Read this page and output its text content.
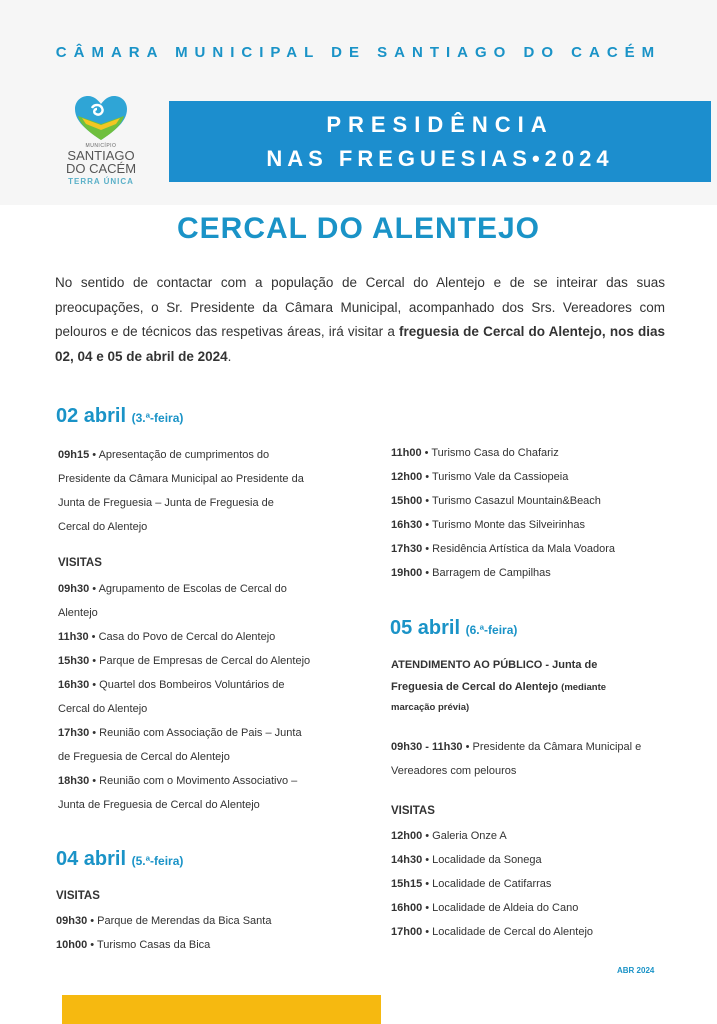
CÂMARA MUNICIPAL DE SANTIAGO DO CACÉM
MUNICÍPIO
SANTIAGO
DO CACÉM
TERRA ÚNICA
PRESIDÊNCIA
NAS FREGUESIAS•2024
CERCAL DO ALENTEJO
No sentido de contactar com a população de Cercal do Alentejo e de se inteirar das suas preocupações, o Sr. Presidente da Câmara Municipal, acompanhado dos Srs. Vereadores com pelouros e de técnicos das respetivas áreas, irá visitar a freguesia de Cercal do Alentejo, nos dias 02, 04 e 05 de abril de 2024.
02 abril (3.ª-feira)
09h15 • Apresentação de cumprimentos do
Presidente da Câmara Municipal ao Presidente da
Junta de Freguesia – Junta de Freguesia de
Cercal do Alentejo
VISITAS
09h30 • Agrupamento de Escolas de Cercal do
Alentejo
11h30 • Casa do Povo de Cercal do Alentejo
15h30 • Parque de Empresas de Cercal do Alentejo
16h30 • Quartel dos Bombeiros Voluntários de
Cercal do Alentejo
17h30 • Reunião com Associação de Pais – Junta
de Freguesia de Cercal do Alentejo
18h30 • Reunião com o Movimento Associativo –
Junta de Freguesia de Cercal do Alentejo
04 abril (5.ª-feira)
VISITAS
09h30 • Parque de Merendas da Bica Santa
10h00 • Turismo Casas da Bica
11h00 • Turismo Casa do Chafariz
12h00 • Turismo Vale da Cassiopeia
15h00 • Turismo Casazul Mountain&Beach
16h30 • Turismo Monte das Silveirinhas
17h30 • Residência Artística da Mala Voadora
19h00 • Barragem de Campilhas
05 abril (6.ª-feira)
ATENDIMENTO AO PÚBLICO - Junta de
Freguesia de Cercal do Alentejo (mediante
marcação prévia)
09h30 - 11h30 • Presidente da Câmara Municipal e
Vereadores com pelouros
VISITAS
12h00 • Galeria Onze A
14h30 • Localidade da Sonega
15h15 • Localidade de Catifarras
16h00 • Localidade de Aldeia do Cano
17h00 • Localidade de Cercal do Alentejo
ABR 2024
